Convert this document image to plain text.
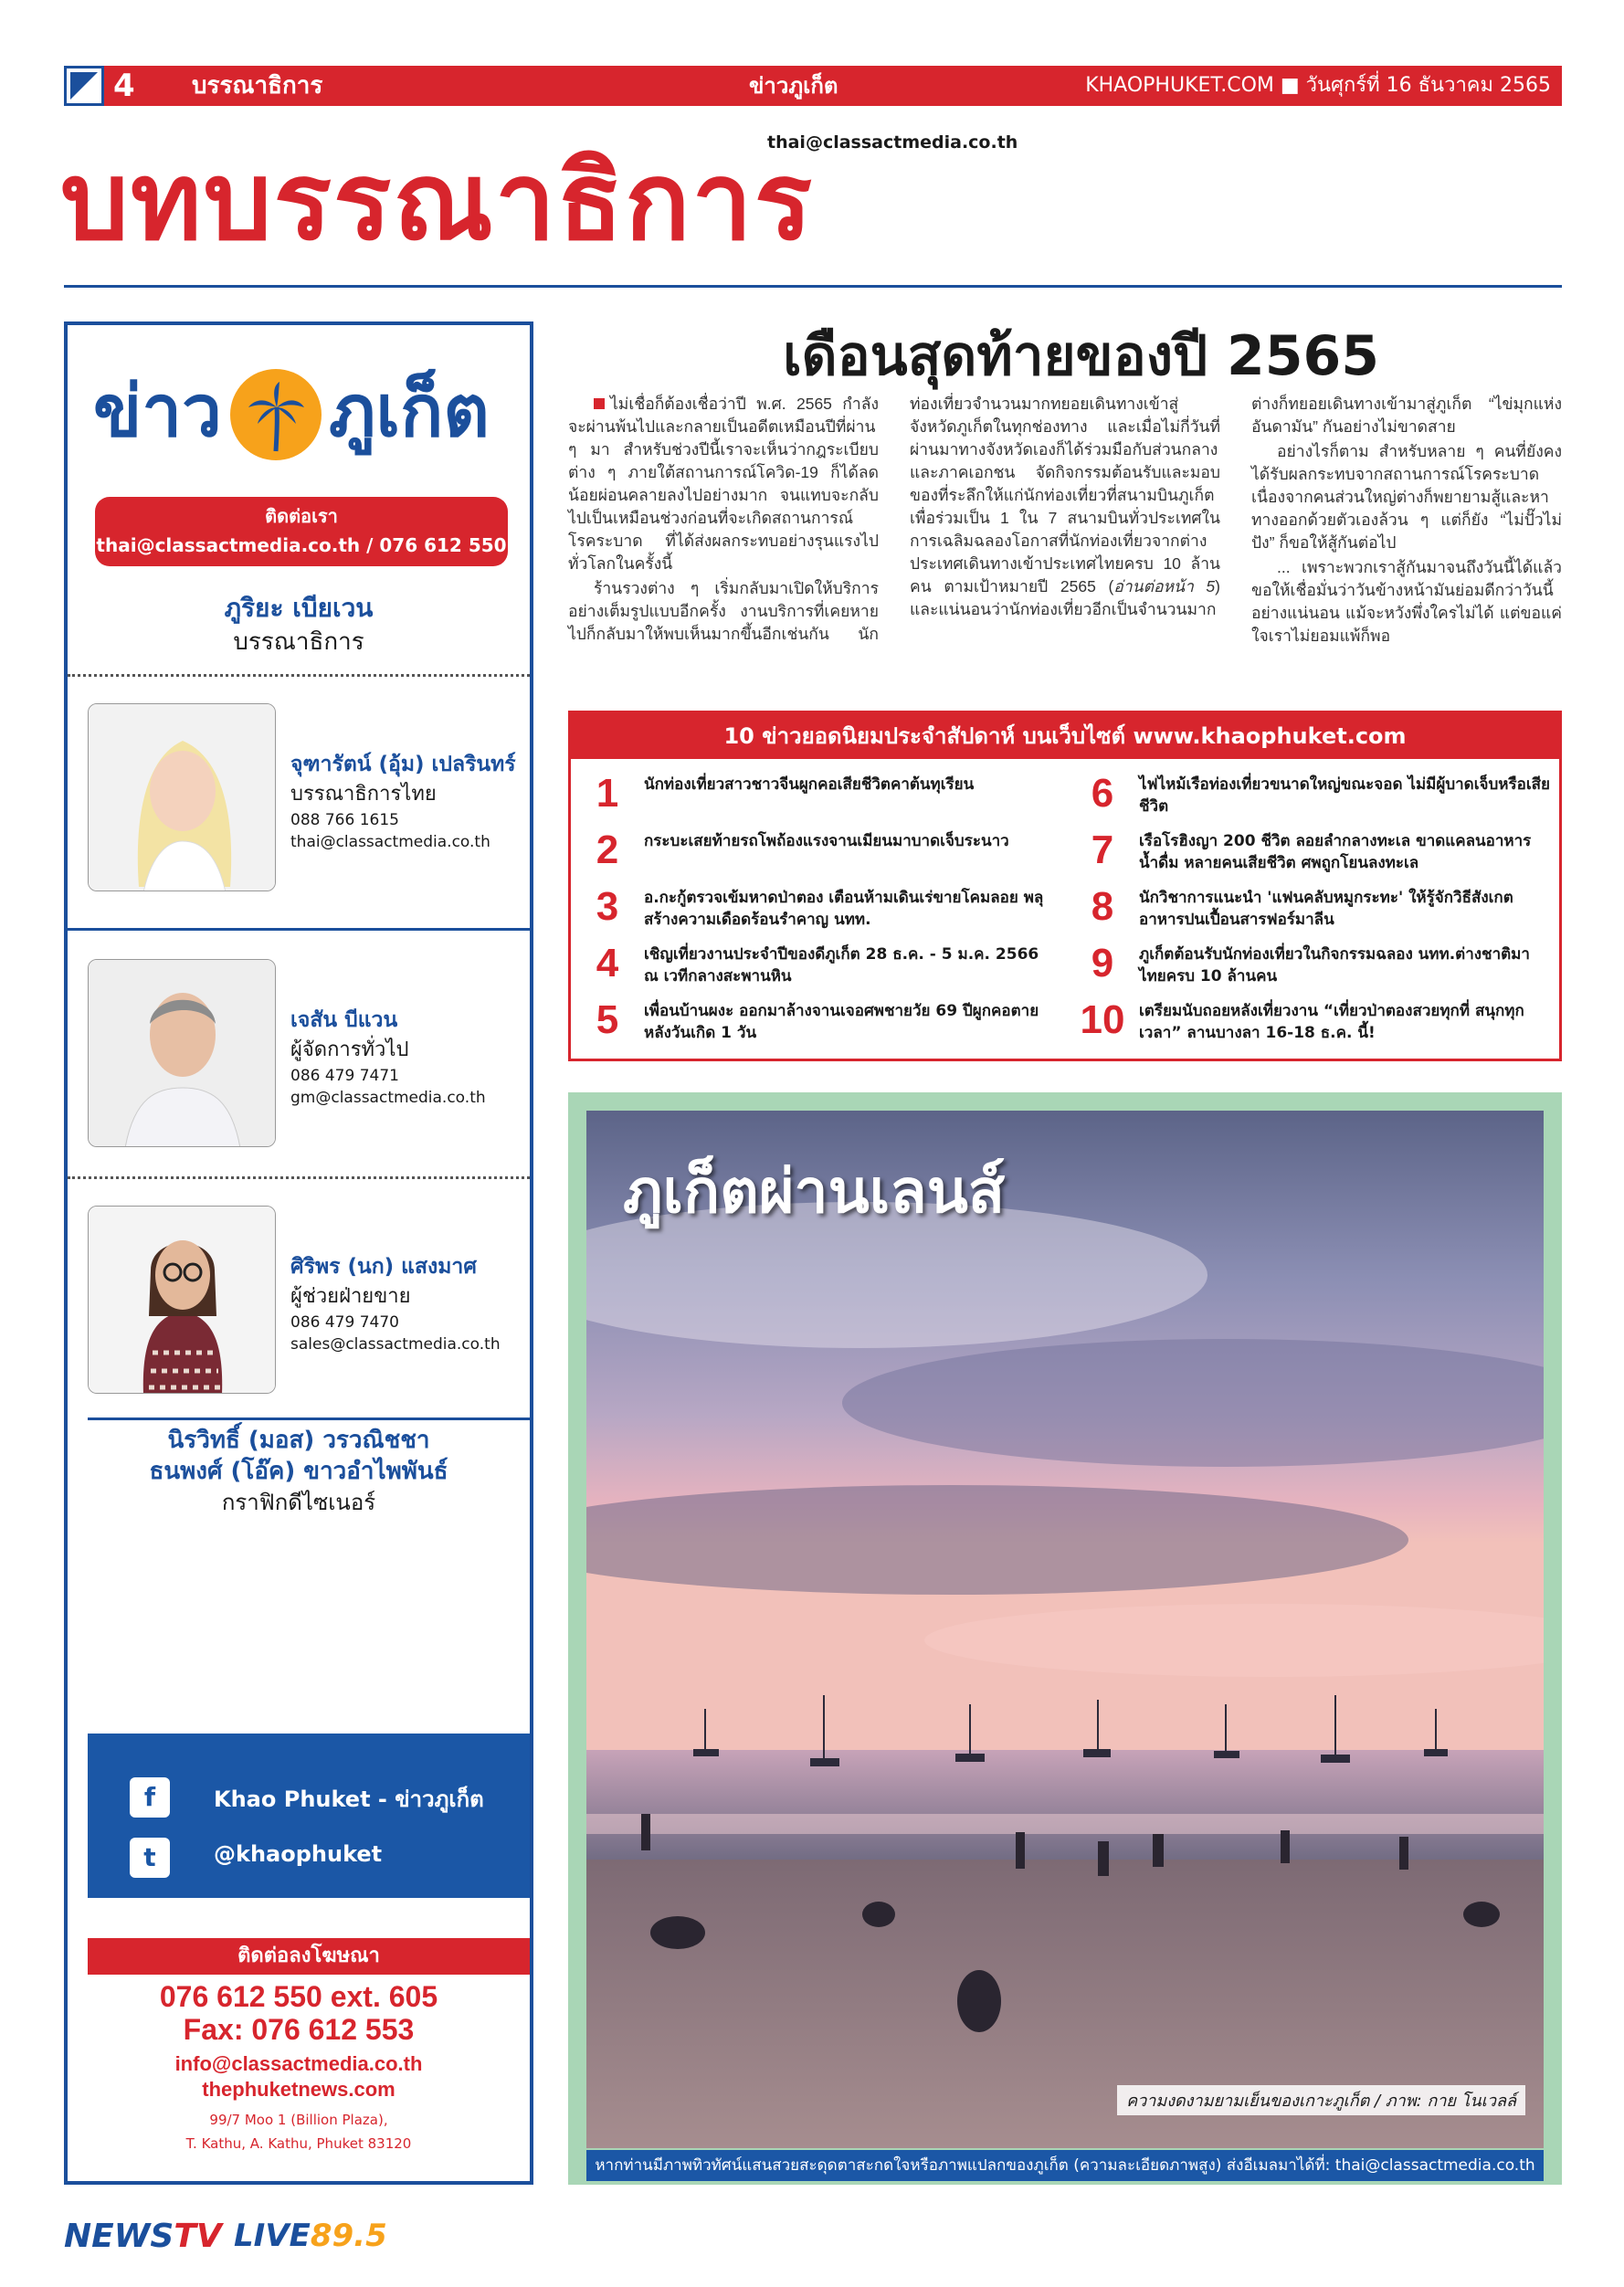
4	บรรณาธิการ	ข่าวภูเก็ต	KHAOPHUKET.COM ■ วันศุกร์ที่ 16 ธันวาคม 2565
thai@classactmedia.co.th
บทบรรณาธิการ
ข่าว ภูเก็ต
ติดต่อเรา
thai@classactmedia.co.th / 076 612 550
ภูริยะ เบียเวน
บรรณาธิการ
จุฑารัตน์ (อุ้ม) เปลรินทร์
บรรณาธิการไทย
088 766 1615
thai@classactmedia.co.th
เจสัน บีแวน
ผู้จัดการทั่วไป
086 479 7471
gm@classactmedia.co.th
ศิริพร (นก) แสงมาศ
ผู้ช่วยฝ่ายขาย
086 479 7470
sales@classactmedia.co.th
นิรวิทธิ์ (มอส) วรวณิชชา
ธนพงศ์ (โอ๊ค) ขาวอำไพพันธ์
กราฟิกดีไซเนอร์
f	Khao Phuket - ข่าวภูเก็ต
t	@khaophuket
ติดต่อลงโฆษณา
076 612 550 ext. 605
Fax: 076 612 553
info@classactmedia.co.th
thephuketnews.com
99/7 Moo 1 (Billion Plaza),
T. Kathu, A. Kathu, Phuket 83120
เดือนสุดท้ายของปี 2565

ไม่เชื่อก็ต้องเชื่อว่าปี พ.ศ. 2565 กำลังจะผ่านพ้นไปและกลายเป็นอดีตเหมือนปีที่ผ่าน ๆ มา สำหรับช่วงปีนี้เราจะเห็นว่ากฎระเบียบต่าง ๆ ภายใต้สถานการณ์โควิด-19 ก็ได้ลดน้อยผ่อนคลายลงไปอย่างมาก จนแทบจะกลับไปเป็นเหมือนช่วงก่อนที่จะเกิดสถานการณ์โรคระบาด ที่ได้ส่งผลกระทบอย่างรุนแรงไปทั่วโลกในครั้งนี้

ร้านรวงต่าง ๆ เริ่มกลับมาเปิดให้บริการอย่างเต็มรูปแบบอีกครั้ง งานบริการที่เคยหายไปก็กลับมาให้พบเห็นมากขึ้นอีกเช่นกัน นักท่องเที่ยวจำนวนมากทยอยเดินทางเข้าสู่จังหวัดภูเก็ตในทุกช่องทาง และเมื่อไม่กี่วันที่ผ่านมาทางจังหวัดเองก็ได้ร่วมมือกับส่วนกลางและภาคเอกชน จัดกิจกรรมต้อนรับและมอบของที่ระลึกให้แก่นักท่องเที่ยวที่สนามบินภูเก็ต เพื่อร่วมเป็น 1 ใน 7 สนามบินทั่วประเทศในการเฉลิมฉลองโอกาสที่นักท่องเที่ยวจากต่างประเทศเดินทางเข้าประเทศไทยครบ 10 ล้านคน ตามเป้าหมายปี 2565 (อ่านต่อหน้า 5) และแน่นอนว่านักท่องเที่ยวอีกเป็นจำนวนมาก ต่างก็ทยอยเดินทางเข้ามาสู่ภูเก็ต “ไข่มุกแห่งอันดามัน” กันอย่างไม่ขาดสาย

อย่างไรก็ตาม สำหรับหลาย ๆ คนที่ยังคงได้รับผลกระทบจากสถานการณ์โรคระบาด เนื่องจากคนส่วนใหญ่ต่างก็พยายามสู้และหาทางออกด้วยตัวเองล้วน ๆ แต่ก็ยัง “ไม่ปั๊วไม่ปัง” ก็ขอให้สู้กันต่อไป

... เพราะพวกเราสู้กันมาจนถึงวันนี้ได้แล้ว ขอให้เชื่อมั่นว่าวันข้างหน้ามันย่อมดีกว่าวันนี้อย่างแน่นอน แม้จะหวังพึ่งใครไม่ได้ แต่ขอแค่ใจเราไม่ยอมแพ้ก็พอ

10 ข่าวยอดนิยมประจำสัปดาห์ บนเว็บไซต์ www.khaophuket.com
1	นักท่องเที่ยวสาวชาวจีนผูกคอเสียชีวิตคาต้นทุเรียน
2	กระบะเสยท้ายรถโพถ้องแรงจานเมียนมาบาดเจ็บระนาว
3	อ.กะกู้ตรวจเข้มหาดป่าตอง เตือนห้ามเดินเร่ขายโคมลอย พลุ สร้างความเดือดร้อนรำคาญ นทท.
4	เชิญเที่ยวงานประจำปีของดีภูเก็ต 28 ธ.ค. - 5 ม.ค. 2566 ณ เวทีกลางสะพานหิน
5	เพื่อนบ้านผงะ ออกมาล้างจานเจอศพชายวัย 69 ปีผูกคอตายหลังวันเกิด 1 วัน
6	ไฟไหม้เรือท่องเที่ยวขนาดใหญ่ขณะจอด ไม่มีผู้บาดเจ็บหรือเสียชีวิต
7	เรือโรฮิงญา 200 ชีวิต ลอยลำกลางทะเล ขาดแคลนอาหาร น้ำดื่ม หลายคนเสียชีวิต ศพถูกโยนลงทะเล
8	นักวิชาการแนะนำ 'แฟนคลับหมูกระทะ' ให้รู้จักวิธีสังเกตอาหารปนเปื้อนสารฟอร์มาลีน
9	ภูเก็ตต้อนรับนักท่องเที่ยวในกิจกรรมฉลอง นทท.ต่างชาติมาไทยครบ 10 ล้านคน
10 เตรียมนับถอยหลังเที่ยวงาน “เที่ยวป่าตองสวยทุกที่ สนุกทุกเวลา” ลานบางลา 16-18 ธ.ค. นี้!
ภูเก็ตผ่านเลนส์
ความงดงามยามเย็นของเกาะภูเก็ต / ภาพ: กาย โนเวลล์
หากท่านมีภาพทิวทัศน์แสนสวยสะดุดตาสะกดใจหรือภาพแปลกของภูเก็ต (ความละเอียดภาพสูง) ส่งอีเมลมาได้ที่: thai@classactmedia.co.th
NEWSTV LIVE89.5
